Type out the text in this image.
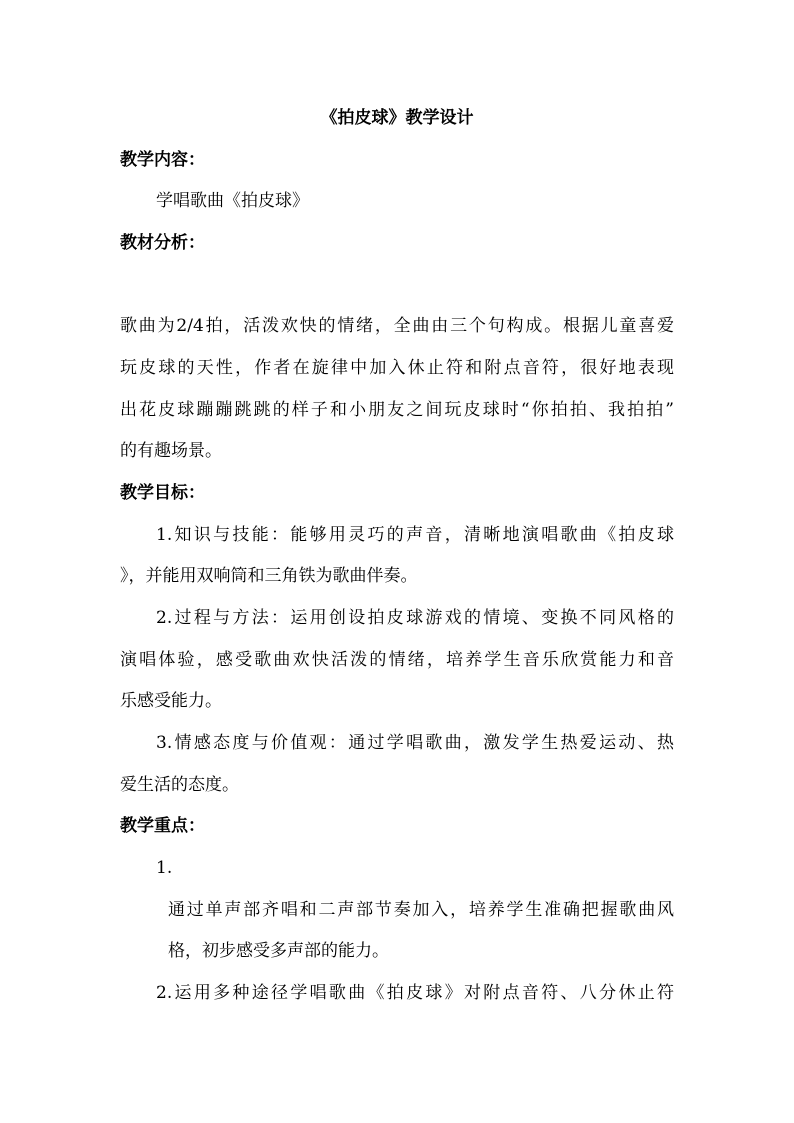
《拍皮球》教学设计
教学内容：
学唱歌曲《拍皮球》
教材分析：
歌曲为2/4拍，活泼欢快的情绪，全曲由三个句构成。根据儿童喜爱
玩皮球的天性，作者在旋律中加入休止符和附点音符，很好地表现
出花皮球蹦蹦跳跳的样子和小朋友之间玩皮球时“你拍拍、我拍拍”
的有趣场景。
教学目标：
1.知识与技能：能够用灵巧的声音，清晰地演唱歌曲《拍皮球
》，并能用双响筒和三角铁为歌曲伴奏。
2.过程与方法：运用创设拍皮球游戏的情境、变换不同风格的
演唱体验，感受歌曲欢快活泼的情绪，培养学生音乐欣赏能力和音
乐感受能力。
3.情感态度与价值观：通过学唱歌曲，激发学生热爱运动、热
爱生活的态度。
教学重点：
1.
通过单声部齐唱和二声部节奏加入，培养学生准确把握歌曲风
格，初步感受多声部的能力。
2.运用多种途径学唱歌曲《拍皮球》对附点音符、八分休止符
